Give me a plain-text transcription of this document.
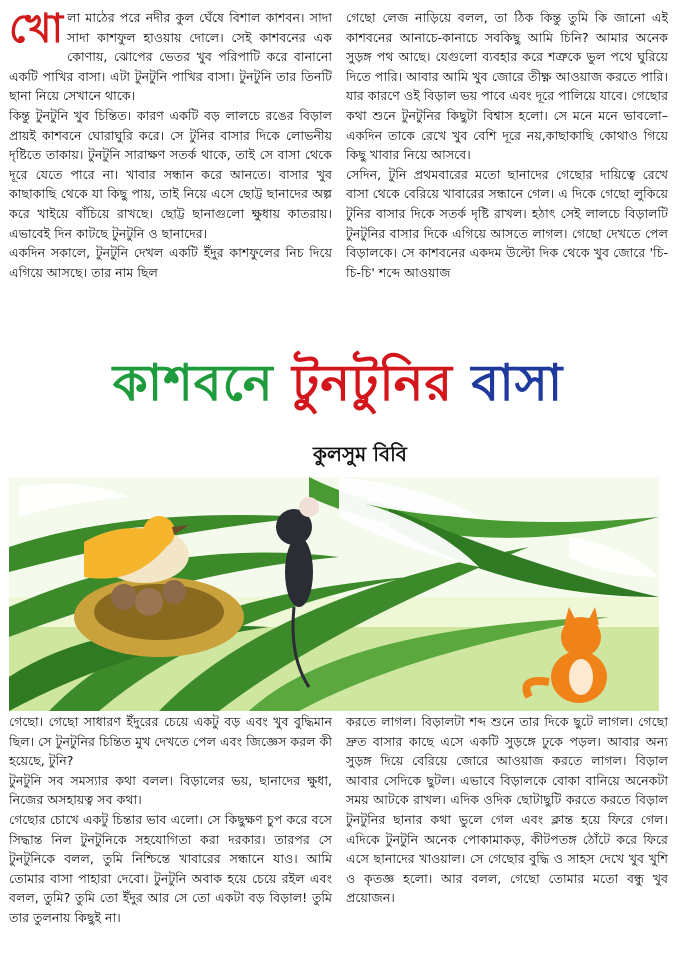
খো লা মাঠের পরে নদীর কুল ঘেঁষে বিশাল কাশবন। সাদা সাদা কাশফুল হাওয়ায় দোলে। সেই কাশবনের এক কোণায়, ঝোপের ভেতর খুব পরিপাটি করে বানানো একটি পাখির বাসা। এটা টুনটুনি পাখির বাসা। টুনটুনি তার তিনটি ছানা নিয়ে সেখানে থাকে।

কিন্তু টুনটুনি খুব চিন্তিত। কারণ একটি বড় লালচে রঙের বিড়াল প্রায়ই কাশবনে ঘোরাঘুরি করে। সে টুনির বাসার দিকে লোভনীয় দৃষ্টিতে তাকায়। টুনটুনি সারাক্ষণ সতর্ক থাকে, তাই সে বাসা থেকে দূরে যেতে পারে না। খাবার সন্ধান করে আনতে। বাসার খুব কাছাকাছি থেকে যা কিছু পায়, তাই নিয়ে এসে ছোট্ট ছানাদের অল্প করে খাইয়ে বাঁচিয়ে রাখছে। ছোট্ট ছানাগুলো ক্ষুধায় কাতরায়। এভাবেই দিন কাটছে টুনটুনি ও ছানাদের।

একদিন সকালে, টুনটুনি দেখল একটি ইঁদুর কাশফুলের নিচ দিয়ে এগিয়ে আসছে। তার নাম ছিল

গেছো লেজ নাড়িয়ে বলল, তা ঠিক কিন্তু তুমি কি জানো এই কাশবনের আনাচে-কানাচে সবকিছু আমি চিনি? আমার অনেক সুড়ঙ্গ পথ আছে। যেগুলো ব্যবহার করে শত্রুকে ভুল পথে ঘুরিয়ে দিতে পারি। আবার আমি খুব জোরে তীক্ষ্ণ আওয়াজ করতে পারি। যার কারণে ওই বিড়াল ভয় পাবে এবং দূরে পালিয়ে যাবে। গেছোর কথা শুনে টুনটুনির কিছুটা বিশ্বাস হলো। সে মনে মনে ভাবলো– একদিন তাকে রেখে খুব বেশি দূরে নয়,কাছাকাছি কোথাও গিয়ে কিছু খাবার নিয়ে আসবে।

সেদিন, টুনি প্রথমবারের মতো ছানাদের গেছোর দায়িত্বে রেখে বাসা থেকে বেরিয়ে খাবারের সন্ধানে গেল। এ দিকে গেছো লুকিয়ে টুনির বাসার দিকে সতর্ক দৃষ্টি রাখল। হঠাৎ সেই লালচে বিড়ালটি টুনটুনির বাসার দিকে এগিয়ে আসতে লাগল। গেছো দেখতে পেল বিড়ালকে। সে কাশবনের একদম উল্টো দিক থেকে খুব জোরে 'চি-চি-চি' শব্দে আওয়াজ

কাশবনে টুনটুনির বাসা
কুলসুম বিবি

গেছো। গেছো সাধারণ ইঁদুরের চেয়ে একটু বড় এবং খুব বুদ্ধিমান ছিল। সে টুনটুনির চিন্তিত মুখ দেখতে পেল এবং জিজ্ঞেস করল কী হয়েছে, টুনি?

টুনটুনি সব সমস্যার কথা বলল। বিড়ালের ভয়, ছানাদের ক্ষুধা, নিজের অসহায়ত্ব সব কথা।

গেছোর চোখে একটু চিন্তার ভাব এলো। সে কিছুক্ষণ চুপ করে বসে সিদ্ধান্ত নিল টুনটুনিকে সহযোগিতা করা দরকার। তারপর সে টুনটুনিকে বলল, তুমি নিশ্চিন্তে খাবারের সন্ধানে যাও। আমি তোমার বাসা পাহারা দেবো। টুনটুনি অবাক হয়ে চেয়ে রইল এবং বলল, তুমি? তুমি তো ইঁদুর আর সে তো একটা বড় বিড়াল! তুমি তার তুলনায় কিছুই না।

করতে লাগল। বিড়ালটা শব্দ শুনে তার দিকে ছুটে লাগল। গেছো দ্রুত বাসার কাছে এসে একটি সুড়ঙ্গে ঢুকে পড়ল। আবার অন্য সুড়ঙ্গ দিয়ে বেরিয়ে জোরে আওয়াজ করতে লাগল। বিড়াল আবার সেদিকে ছুটল। এভাবে বিড়ালকে বোকা বানিয়ে অনেকটা সময় আটকে রাখল। এদিক ওদিক ছোটাছুটি করতে করতে বিড়াল টুনটুনির ছানার কথা ভুলে গেল এবং ক্লান্ত হয়ে ফিরে গেল। এদিকে টুনটুনি অনেক পোকামাকড়, কীটপতঙ্গ ঠোঁটে করে ফিরে এসে ছানাদের খাওয়াল। সে গেছোর বুদ্ধি ও সাহস দেখে খুব খুশি ও কৃতজ্ঞ হলো। আর বলল, গেছো তোমার মতো বন্ধু খুব প্রয়োজন।
